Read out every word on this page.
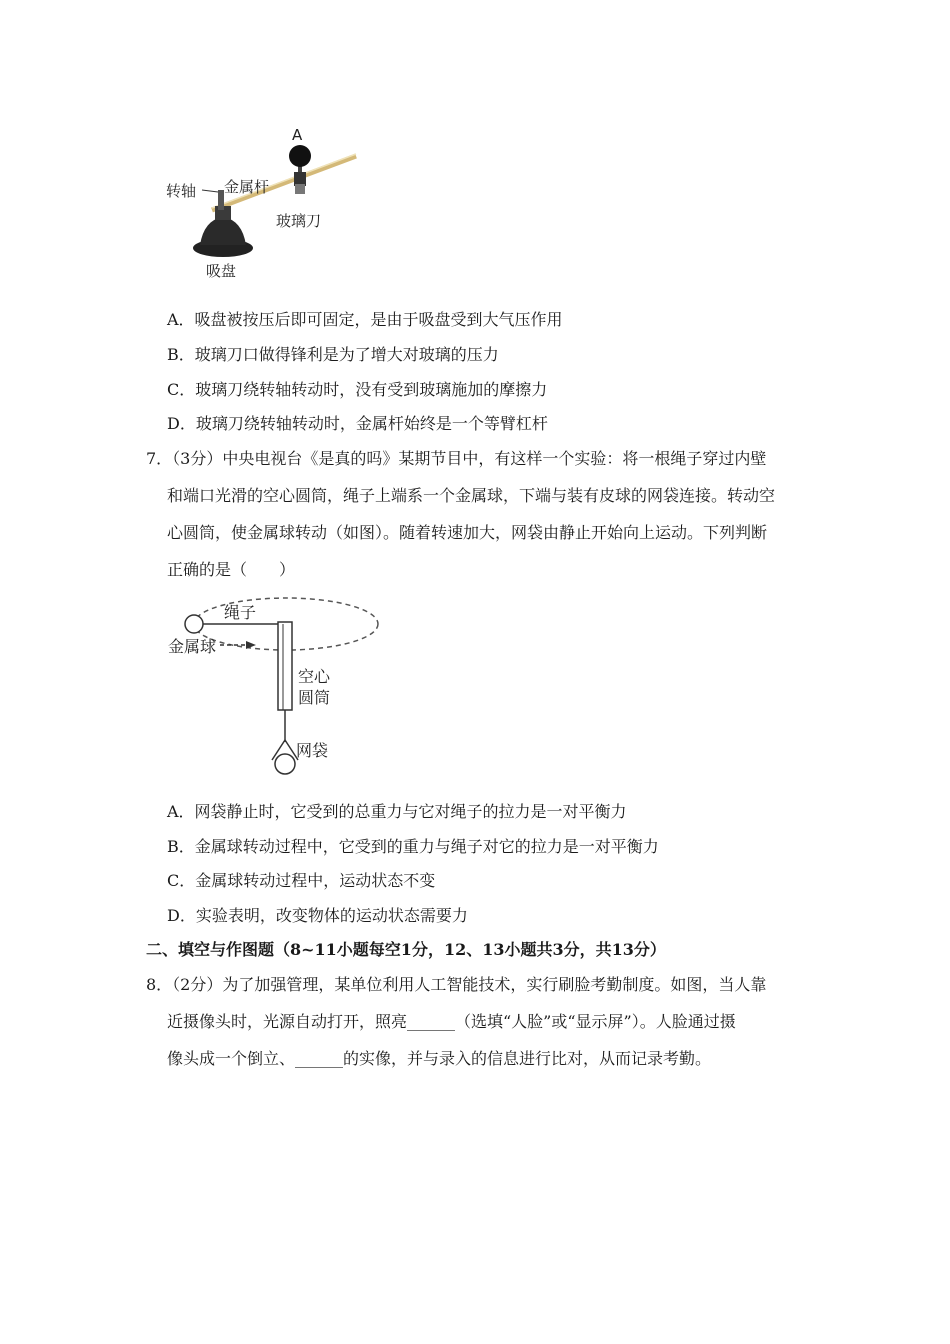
A
转轴 金属杆
玻璃刀
吸盘
A．吸盘被按压后即可固定，是由于吸盘受到大气压作用
B．玻璃刀口做得锋利是为了增大对玻璃的压力
C．玻璃刀绕转轴转动时，没有受到玻璃施加的摩擦力
D．玻璃刀绕转轴转动时，金属杆始终是一个等臂杠杆
7．（3分）中央电视台《是真的吗》某期节目中，有这样一个实验：将一根绳子穿过内壁
和端口光滑的空心圆筒，绳子上端系一个金属球，下端与装有皮球的网袋连接。转动空
心圆筒，使金属球转动（如图）。随着转速加大，网袋由静止开始向上运动。下列判断
正确的是（　　）
绳子
金属球
空心
圆筒
网袋
A．网袋静止时，它受到的总重力与它对绳子的拉力是一对平衡力
B．金属球转动过程中，它受到的重力与绳子对它的拉力是一对平衡力
C．金属球转动过程中，运动状态不变
D．实验表明，改变物体的运动状态需要力
二、填空与作图题（8~11小题每空1分，12、13小题共3分，共13分）
8．（2分）为了加强管理，某单位利用人工智能技术，实行刷脸考勤制度。如图，当人靠
近摄像头时，光源自动打开，照亮______（选填“人脸”或“显示屏”）。人脸通过摄
像头成一个倒立、______的实像，并与录入的信息进行比对，从而记录考勤。
